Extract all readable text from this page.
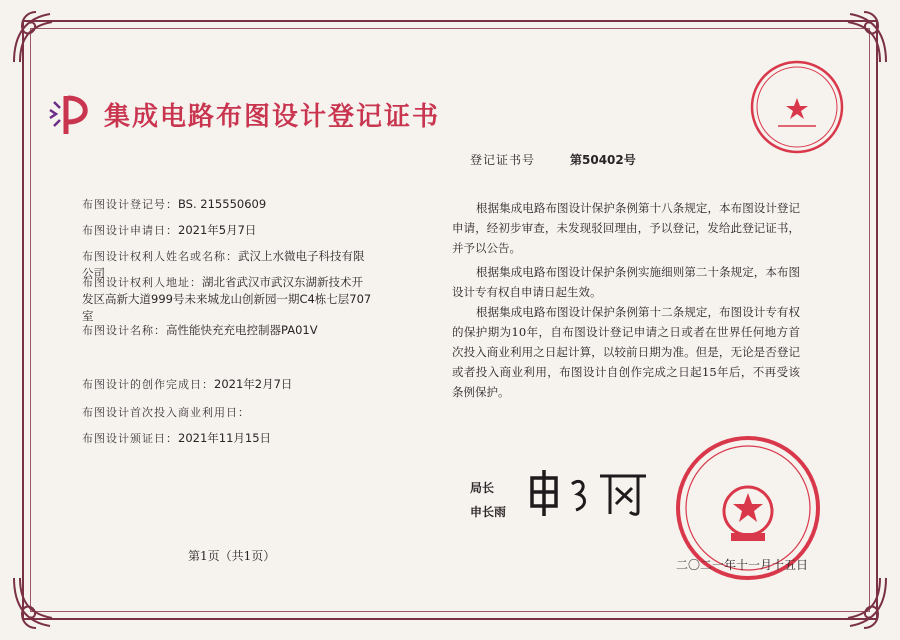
集成电路布图设计登记证书
登记证书号	第50402号
布图设计登记号：BS. 215550609
布图设计申请日：2021年5月7日
布图设计权利人姓名或名称：武汉上水微电子科技有限公司
布图设计权利人地址：湖北省武汉市武汉东湖新技术开发区高新大道999号未来城龙山创新园一期C4栋七层707室
布图设计名称：高性能快充充电控制器PA01V
布图设计的创作完成日：2021年2月7日
布图设计首次投入商业利用日：
布图设计颁证日：2021年11月15日
根据集成电路布图设计保护条例第十八条规定，本布图设计登记申请，经初步审查，未发现驳回理由，予以登记，发给此登记证书，并予以公告。
根据集成电路布图设计保护条例实施细则第二十条规定，本布图设计专有权自申请日起生效。
根据集成电路布图设计保护条例第十二条规定，布图设计专有权的保护期为10年，自布图设计登记申请之日或者在世界任何地方首次投入商业利用之日起计算，以较前日期为准。但是，无论是否登记或者投入商业利用，布图设计自创作完成之日起15年后，不再受该条例保护。
局长
申长雨
第1页（共1页）
二〇二一年十一月十五日
